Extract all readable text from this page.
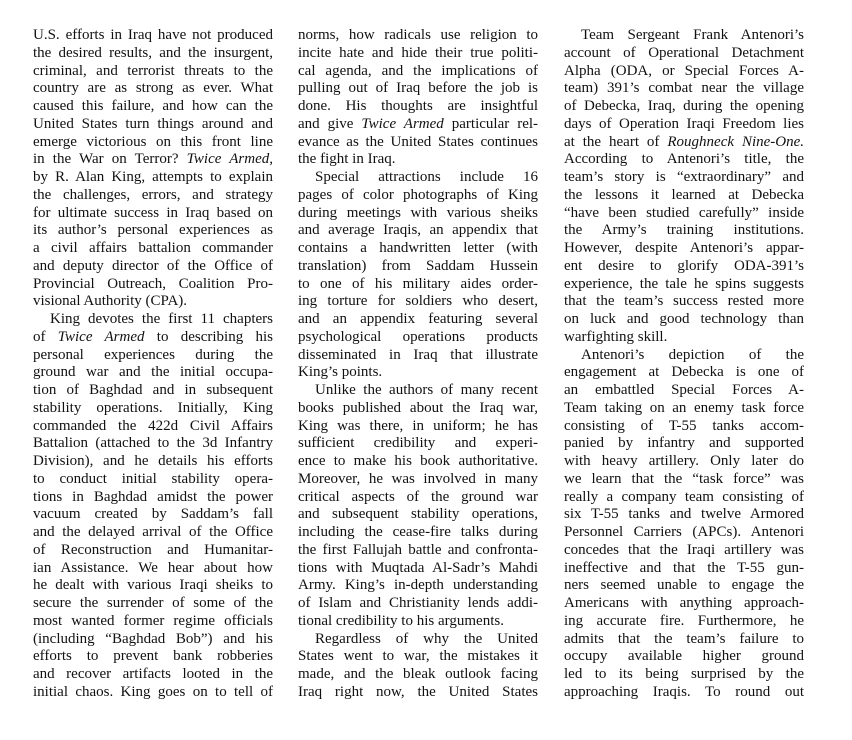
U.S. efforts in Iraq have not produced
the desired results, and the insurgent,
criminal, and terrorist threats to the
country are as strong as ever. What
caused this failure, and how can the
United States turn things around and
emerge victorious on this front line
in the War on Terror? Twice Armed,
by R. Alan King, attempts to explain
the challenges, errors, and strategy
for ultimate success in Iraq based on
its author’s personal experiences as
a civil affairs battalion commander
and deputy director of the Office of
Provincial Outreach, Coalition Pro-
visional Authority (CPA).

King devotes the first 11 chapters
of Twice Armed to describing his
personal experiences during the
ground war and the initial occupa-
tion of Baghdad and in subsequent
stability operations. Initially, King
commanded the 422d Civil Affairs
Battalion (attached to the 3d Infantry
Division), and he details his efforts
to conduct initial stability opera-
tions in Baghdad amidst the power
vacuum created by Saddam’s fall
and the delayed arrival of the Office
of Reconstruction and Humanitar-
ian Assistance. We hear about how
he dealt with various Iraqi sheiks to
secure the surrender of some of the
most wanted former regime officials
(including “Baghdad Bob”) and his
efforts to prevent bank robberies
and recover artifacts looted in the
initial chaos. King goes on to tell of

norms, how radicals use religion to
incite hate and hide their true politi-
cal agenda, and the implications of
pulling out of Iraq before the job is
done. His thoughts are insightful
and give Twice Armed particular rel-
evance as the United States continues
the fight in Iraq.

Special attractions include 16
pages of color photographs of King
during meetings with various sheiks
and average Iraqis, an appendix that
contains a handwritten letter (with
translation) from Saddam Hussein
to one of his military aides order-
ing torture for soldiers who desert,
and an appendix featuring several
psychological operations products
disseminated in Iraq that illustrate
King’s points.

Unlike the authors of many recent
books published about the Iraq war,
King was there, in uniform; he has
sufficient credibility and experi-
ence to make his book authoritative.
Moreover, he was involved in many
critical aspects of the ground war
and subsequent stability operations,
including the cease-fire talks during
the first Fallujah battle and confronta-
tions with Muqtada Al-Sadr’s Mahdi
Army. King’s in-depth understanding
of Islam and Christianity lends addi-
tional credibility to his arguments.

Regardless of why the United
States went to war, the mistakes it
made, and the bleak outlook facing
Iraq right now, the United States

Team Sergeant Frank Antenori’s
account of Operational Detachment
Alpha (ODA, or Special Forces A-
team) 391’s combat near the village
of Debecka, Iraq, during the opening
days of Operation Iraqi Freedom lies
at the heart of Roughneck Nine-One.
According to Antenori’s title, the
team’s story is “extraordinary” and
the lessons it learned at Debecka
“have been studied carefully” inside
the Army’s training institutions.
However, despite Antenori’s appar-
ent desire to glorify ODA-391’s
experience, the tale he spins suggests
that the team’s success rested more
on luck and good technology than
warfighting skill.

Antenori’s depiction of the
engagement at Debecka is one of
an embattled Special Forces A-
Team taking on an enemy task force
consisting of T-55 tanks accom-
panied by infantry and supported
with heavy artillery. Only later do
we learn that the “task force” was
really a company team consisting of
six T-55 tanks and twelve Armored
Personnel Carriers (APCs). Antenori
concedes that the Iraqi artillery was
ineffective and that the T-55 gun-
ners seemed unable to engage the
Americans with anything approach-
ing accurate fire. Furthermore, he
admits that the team’s failure to
occupy available higher ground
led to its being surprised by the
approaching Iraqis. To round out
